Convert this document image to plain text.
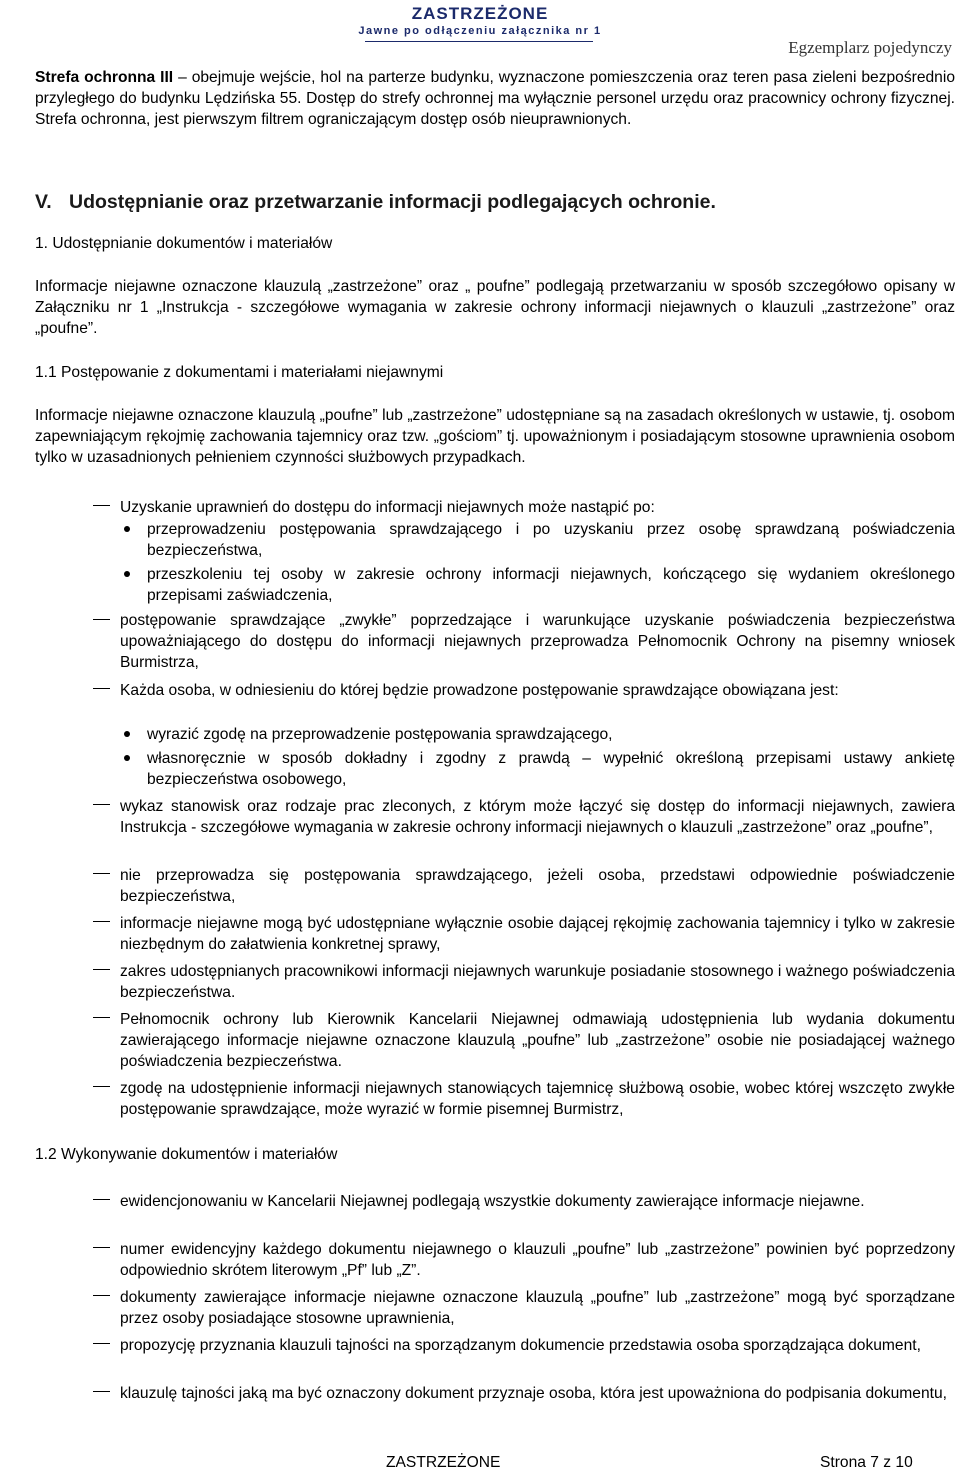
ZASTRZEŻONE
Jawne po odłączeniu załącznika nr 1
Egzemplarz pojedynczy
Strefa ochronna III – obejmuje wejście, hol na parterze budynku, wyznaczone pomieszczenia oraz teren pasa zieleni bezpośrednio przyległego do budynku Lędzińska 55. Dostęp do strefy ochronnej ma wyłącznie personel urzędu oraz pracownicy ochrony fizycznej. Strefa ochronna, jest pierwszym filtrem ograniczającym dostęp osób nieuprawnionych.
V. Udostępnianie oraz przetwarzanie informacji podlegających ochronie.
1. Udostępnianie dokumentów i materiałów
Informacje niejawne oznaczone klauzulą „zastrzeżone” oraz „ poufne” podlegają przetwarzaniu w sposób szczegółowo opisany w Załączniku nr 1 „Instrukcja - szczegółowe wymagania w zakresie ochrony informacji niejawnych o klauzuli „zastrzeżone” oraz „poufne”.
1.1 Postępowanie z dokumentami i materiałami niejawnymi
Informacje niejawne oznaczone klauzulą „poufne” lub „zastrzeżone” udostępniane są na zasadach określonych w ustawie, tj. osobom zapewniającym rękojmię zachowania tajemnicy oraz tzw. „gościom” tj. upoważnionym i posiadającym stosowne uprawnienia osobom tylko w uzasadnionych pełnieniem czynności służbowych przypadkach.
Uzyskanie uprawnień do dostępu do informacji niejawnych może nastąpić po:
przeprowadzeniu postępowania sprawdzającego i po uzyskaniu przez osobę sprawdzaną poświadczenia bezpieczeństwa,
przeszkoleniu tej osoby w zakresie ochrony informacji niejawnych, kończącego się wydaniem określonego przepisami zaświadczenia,
postępowanie sprawdzające „zwykłe” poprzedzające i warunkujące uzyskanie poświadczenia bezpieczeństwa upoważniającego do dostępu do informacji niejawnych przeprowadza Pełnomocnik Ochrony na pisemny wniosek Burmistrza,
Każda osoba, w odniesieniu do której będzie prowadzone postępowanie sprawdzające obowiązana jest:
wyrazić zgodę na przeprowadzenie postępowania sprawdzającego,
własnoręcznie w sposób dokładny i zgodny z prawdą – wypełnić określoną przepisami ustawy ankietę bezpieczeństwa osobowego,
wykaz stanowisk oraz rodzaje prac zleconych, z którym może łączyć się dostęp do informacji niejawnych, zawiera Instrukcja - szczegółowe wymagania w zakresie ochrony informacji niejawnych o klauzuli „zastrzeżone” oraz „poufne”,
nie przeprowadza się postępowania sprawdzającego, jeżeli osoba, przedstawi odpowiednie poświadczenie bezpieczeństwa,
informacje niejawne mogą być udostępniane wyłącznie osobie dającej rękojmię zachowania tajemnicy i tylko w zakresie niezbędnym do załatwienia konkretnej sprawy,
zakres udostępnianych pracownikowi informacji niejawnych warunkuje posiadanie stosownego i ważnego poświadczenia bezpieczeństwa.
Pełnomocnik ochrony lub Kierownik Kancelarii Niejawnej odmawiają udostępnienia lub wydania dokumentu zawierającego informacje niejawne oznaczone klauzulą „poufne” lub „zastrzeżone” osobie nie posiadającej ważnego poświadczenia bezpieczeństwa.
zgodę na udostępnienie informacji niejawnych stanowiących tajemnicę służbową osobie, wobec której wszczęto zwykłe postępowanie sprawdzające, może wyrazić w formie pisemnej Burmistrz,
1.2 Wykonywanie dokumentów i materiałów
ewidencjonowaniu w Kancelarii Niejawnej podlegają wszystkie dokumenty zawierające informacje niejawne.
numer ewidencyjny każdego dokumentu niejawnego o klauzuli „poufne” lub „zastrzeżone” powinien być poprzedzony odpowiednio skrótem literowym „Pf” lub „Z”.
dokumenty zawierające informacje niejawne oznaczone klauzulą „poufne” lub „zastrzeżone” mogą być sporządzane przez osoby posiadające stosowne uprawnienia,
propozycję przyznania klauzuli tajności na sporządzanym dokumencie przedstawia osoba sporządzająca dokument,
klauzulę tajności jaką ma być oznaczony dokument przyznaje osoba, która jest upoważniona do podpisania dokumentu,
ZASTRZEŻONE	Strona 7 z 10
